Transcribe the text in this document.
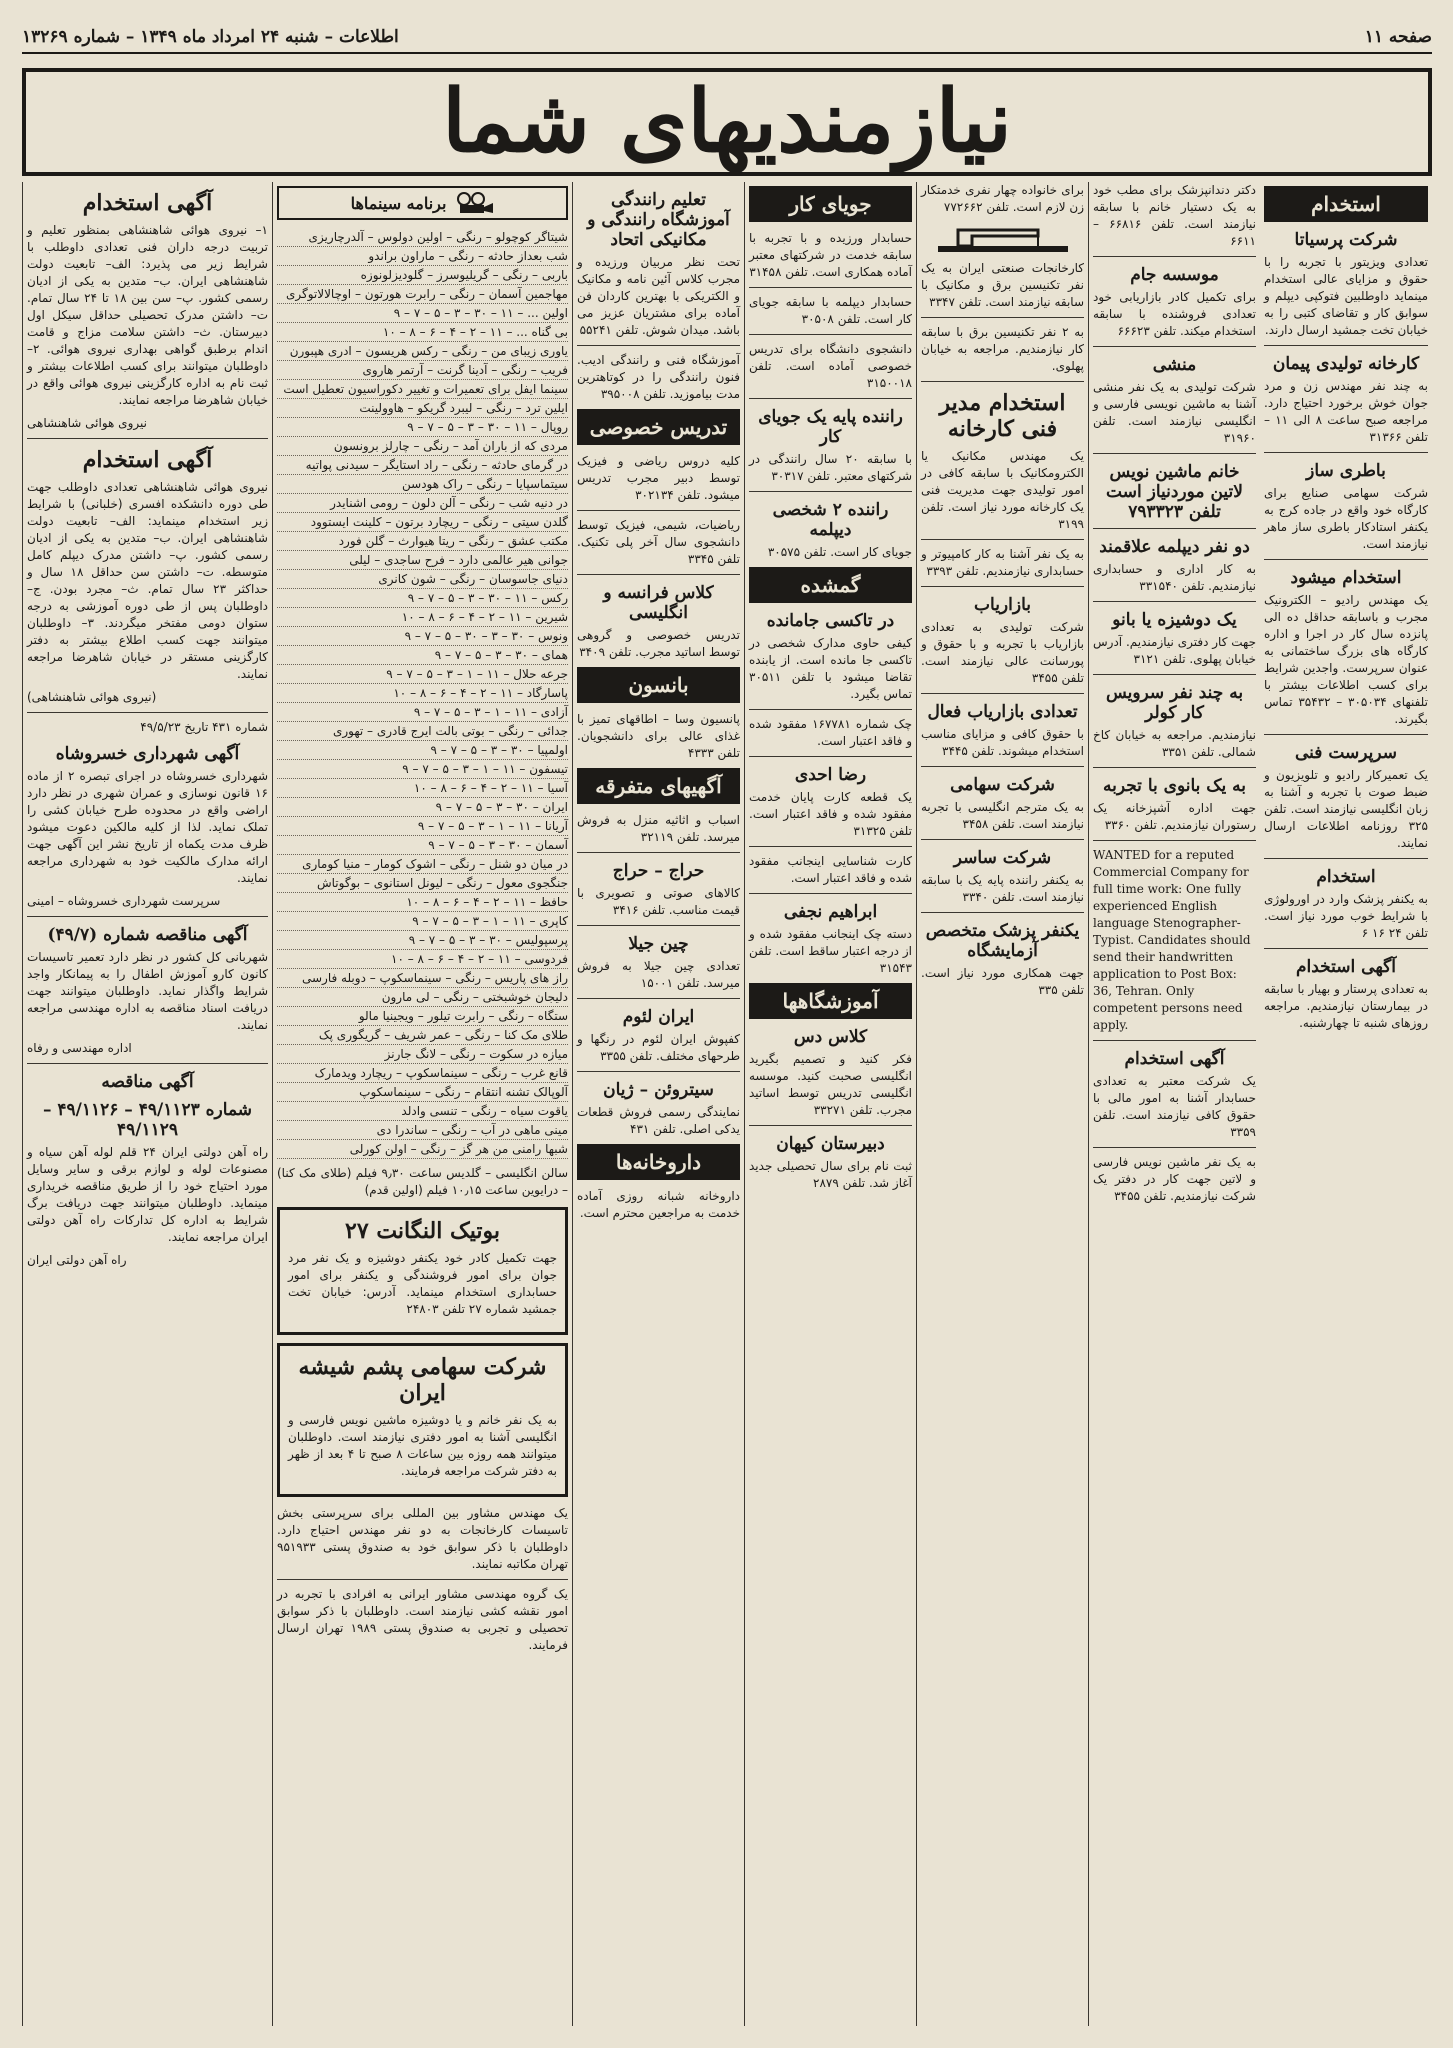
صفحه ۱۱
اطلاعات – شنبه ۲۴ امرداد ماه ۱۳۴۹ – شماره ۱۳۲۶۹
نیازمندیهای شما
استخدام
شرکت پرسیاتا

تعدادی ویزیتور با تجربه را با حقوق و مزایای عالی استخدام مینماید داوطلبین فتوکپی دیپلم و سوابق کار و تقاضای کتبی را به خیابان تخت جمشید ارسال دارند.

کارخانه تولیدی پیمان

به چند نفر مهندس زن و مرد جوان خوش برخورد احتیاج دارد. مراجعه صبح ساعت ۸ الی ۱۱ – تلفن ۳۱۳۶۶

باطری ساز

شرکت سهامی صنایع برای کارگاه خود واقع در جاده کرج به یکنفر استادکار باطری ساز ماهر نیازمند است.

استخدام میشود

یک مهندس رادیو – الکترونیک مجرب و باسابقه حداقل ده الی پانزده سال کار در اجرا و اداره کارگاه های بزرگ ساختمانی به عنوان سرپرست. واجدین شرایط برای کسب اطلاعات بیشتر با تلفنهای ۳۰۵۰۳۴ – ۳۵۴۳۲ تماس بگیرند.

سرپرست فنی

یک تعمیرکار رادیو و تلویزیون و ضبط صوت با تجربه و آشنا به زبان انگلیسی نیازمند است. تلفن ۳۲۵ روزنامه اطلاعات ارسال نمایند.

استخدام

به یکنفر پزشک وارد در اورولوژی با شرایط خوب مورد نیاز است. تلفن ۲۴ ۱۶ ۶

آگهی استخدام

به تعدادی پرستار و بهیار با سابقه در بیمارستان نیازمندیم. مراجعه روزهای شنبه تا چهارشنبه.

دکتر دندانپزشک برای مطب خود به یک دستیار خانم با سابقه نیازمند است. تلفن ۶۶۸۱۶ – ۶۶۱۱

موسسه جام

برای تکمیل کادر بازاریابی خود تعدادی فروشنده با سابقه استخدام میکند. تلفن ۶۶۶۲۳

منشی

شرکت تولیدی به یک نفر منشی آشنا به ماشین نویسی فارسی و انگلیسی نیازمند است. تلفن ۳۱۹۶۰

خانم ماشین نویس لاتین موردنیاز است تلفن ۷۹۳۳۲۳
دو نفر دیپلمه علاقمند

به کار اداری و حسابداری نیازمندیم. تلفن ۳۳۱۵۴۰

یک دوشیزه یا بانو

جهت کار دفتری نیازمندیم. آدرس خیابان پهلوی. تلفن ۳۱۲۱

به چند نفر سرویس کار کولر

نیازمندیم. مراجعه به خیابان کاخ شمالی. تلفن ۳۳۵۱

به یک بانوی با تجربه

جهت اداره آشپزخانه یک رستوران نیازمندیم. تلفن ۳۳۶۰

WANTED for a reputed Commercial Company for full time work: One fully experienced English language Stenographer-Typist. Candidates should send their handwritten application to Post Box: 36, Tehran. Only competent persons need apply.

آگهی استخدام

یک شرکت معتبر به تعدادی حسابدار آشنا به امور مالی با حقوق کافی نیازمند است. تلفن ۳۳۵۹

به یک نفر ماشین نویس فارسی و لاتین جهت کار در دفتر یک شرکت نیازمندیم. تلفن ۳۴۵۵

برای خانواده چهار نفری خدمتکار زن لازم است. تلفن ۷۷۲۶۶۲

کارخانجات صنعتی ایران به یک نفر تکنیسین برق و مکانیک با سابقه نیازمند است. تلفن ۳۳۴۷

به ۲ نفر تکنیسین برق با سابقه کار نیازمندیم. مراجعه به خیابان پهلوی.

استخدام مدیر فنی کارخانه

یک مهندس مکانیک یا الکترومکانیک با سابقه کافی در امور تولیدی جهت مدیریت فنی یک کارخانه مورد نیاز است. تلفن ۳۱۹۹

به یک نفر آشنا به کار کامپیوتر و حسابداری نیازمندیم. تلفن ۳۳۹۳

بازاریاب

شرکت تولیدی به تعدادی بازاریاب با تجربه و با حقوق و پورسانت عالی نیازمند است. تلفن ۳۴۵۵

تعدادی بازاریاب فعال

با حقوق کافی و مزایای مناسب استخدام میشوند. تلفن ۳۴۴۵

شرکت سهامی

به یک مترجم انگلیسی با تجربه نیازمند است. تلفن ۳۴۵۸

شرکت ساسر

به یکنفر راننده پایه یک با سابقه نیازمند است. تلفن ۳۳۴۰

یکنفر پزشک متخصص آزمایشگاه

جهت همکاری مورد نیاز است. تلفن ۳۳۵

جویای کار

حسابدار ورزیده و با تجربه با سابقه خدمت در شرکتهای معتبر آماده همکاری است. تلفن ۳۱۴۵۸

حسابدار دیپلمه با سابقه جویای کار است. تلفن ۳۰۵۰۸

دانشجوی دانشگاه برای تدریس خصوصی آماده است. تلفن ۳۱۵۰۰۱۸

راننده پایه یک جویای کار

با سابقه ۲۰ سال رانندگی در شرکتهای معتبر. تلفن ۳۰۳۱۷

راننده ۲ شخصی دیپلمه

جویای کار است. تلفن ۳۰۵۷۵

گمشده
در تاکسی جامانده

کیفی حاوی مدارک شخصی در تاکسی جا مانده است. از یابنده تقاضا میشود با تلفن ۳۰۵۱۱ تماس بگیرد.

چک شماره ۱۶۷۷۸۱ مفقود شده و فاقد اعتبار است.

رضا احدی

یک قطعه کارت پایان خدمت مفقود شده و فاقد اعتبار است. تلفن ۳۱۳۲۵

کارت شناسایی اینجانب مفقود شده و فاقد اعتبار است.

ابراهیم نجفی

دسته چک اینجانب مفقود شده و از درجه اعتبار ساقط است. تلفن ۳۱۵۴۳

آموزشگاهها
کلاس دس

فکر کنید و تصمیم بگیرید انگلیسی صحبت کنید. موسسه انگلیسی تدریس توسط اساتید مجرب. تلفن ۳۳۲۷۱

دبیرستان کیهان

ثبت نام برای سال تحصیلی جدید آغاز شد. تلفن ۲۸۷۹

تعلیم رانندگی آموزشگاه رانندگی و مکانیکی اتحاد

تحت نظر مربیان ورزیده و مجرب کلاس آئین نامه و مکانیک و الکتریکی با بهترین کاردان فن آماده برای مشتریان عزیز می باشد. میدان شوش. تلفن ۵۵۲۴۱

آموزشگاه فنی و رانندگی ادیب. فنون رانندگی را در کوتاهترین مدت بیاموزید. تلفن ۳۹۵۰۰۸

تدریس خصوصی

کلیه دروس ریاضی و فیزیک توسط دبیر مجرب تدریس میشود. تلفن ۳۰۲۱۳۴

ریاضیات، شیمی، فیزیک توسط دانشجوی سال آخر پلی تکنیک. تلفن ۳۳۴۵

کلاس فرانسه و انگلیسی

تدریس خصوصی و گروهی توسط اساتید مجرب. تلفن ۳۴۰۹

بانسون

پانسیون وسا – اطاقهای تمیز با غذای عالی برای دانشجویان. تلفن ۴۳۳۳

آگهیهای متفرقه

اسباب و اثاثیه منزل به فروش میرسد. تلفن ۳۲۱۱۹

حراج – حراج

کالاهای صوتی و تصویری با قیمت مناسب. تلفن ۳۴۱۶

چین جیلا

تعدادی چین جیلا به فروش میرسد. تلفن ۱۵۰۰۱

ایران لئوم

کفپوش ایران لئوم در رنگها و طرحهای مختلف. تلفن ۳۳۵۵

سیتروئن – ژیان

نمایندگی رسمی فروش قطعات یدکی اصلی. تلفن ۴۳۱

داروخانه‌ها

داروخانه شبانه روزی آماده خدمت به مراجعین محترم است.

برنامه سینماها
شیتاگر کوچولو – رنگی – اولین دولوس – آلدرچاریزی
شب بعداز حادثه – رنگی – ماراون براندو
باربی – رنگی – گریلیوسرز – گلودیزلونوزه
مهاجمین آسمان – رنگی – رابرت هورتون – اوچالالاتوگری
اولین ... – ۱۱ – ۳۰ – ۳ – ۵ – ۷ – ۹
بی گناه ... – ۱۱ – ۲ – ۴ – ۶ – ۸ – ۱۰
یاوری زیبای من – رنگی – رکس هریسون – ادری هپبورن
فریب – رنگی – آدینا گرنت – آرتمر هاروی
سینما ایفل برای تعمیرات و تغییر دکوراسیون تعطیل است
ایلین ترد – رنگی – لیبرد گریکو – هاوولینت
روپال – ۱۱ – ۳۰ – ۳ – ۵ – ۷ – ۹
مردی که از باران آمد – رنگی – چارلز برونسون
در گرمای حادثه – رنگی – راد استایگر – سیدنی پواتیه
سیتماسپایا – رنگی – راک هودسن
در دنیه شب – رنگی – آلن دلون – رومی اشنایدر
گلدن سیتی – رنگی – ریچارد برتون – کلینت ایستوود
مکتب عشق – رنگی – ریتا هیوارث – گلن فورد
جوانی هیر عالمی دارد – فرح ساجدی – لیلی
دنیای جاسوسان – رنگی – شون کانری
رکس – ۱۱ – ۳۰ – ۳ – ۵ – ۷ – ۹
شیرین – ۱۱ – ۲ – ۴ – ۶ – ۸ – ۱۰
ونوس – ۳۰ – ۳ – ۳۰ – ۵ – ۷ – ۹
همای – ۳۰ – ۳ – ۵ – ۷ – ۹
جرعه حلال – ۱۱ – ۱ – ۳ – ۵ – ۷ – ۹
پاسارگاد – ۱۱ – ۲ – ۴ – ۶ – ۸ – ۱۰
آزادی – ۱۱ – ۱ – ۳ – ۵ – ۷ – ۹
جدائی – رنگی – بوتی بالت ایرج قادری – تهوری
اولمپیا – ۳۰ – ۳ – ۵ – ۷ – ۹
تیسفون – ۱۱ – ۱ – ۳ – ۵ – ۷ – ۹
آسیا – ۱۱ – ۲ – ۴ – ۶ – ۸ – ۱۰
ایران – ۳۰ – ۳ – ۵ – ۷ – ۹
آریانا – ۱۱ – ۱ – ۳ – ۵ – ۷ – ۹
آسمان – ۳۰ – ۳ – ۵ – ۷ – ۹
در میان دو شنل – رنگی – اشوک کومار – منیا کوماری
جنگجوی معول – رنگی – لیونل استانوی – بوگوتاش
حافظ – ۱۱ – ۲ – ۴ – ۶ – ۸ – ۱۰
کاپری – ۱۱ – ۱ – ۳ – ۵ – ۷ – ۹
پرسپولیس – ۳۰ – ۳ – ۵ – ۷ – ۹
فردوسی – ۱۱ – ۲ – ۴ – ۶ – ۸ – ۱۰
راز های پاریس – رنگی – سینماسکوپ – دوبله فارسی
دلیجان خوشبختی – رنگی – لی مارون
ستگاه – رنگی – رابرت تیلور – ویجینیا مالو
طلای مک کنا – رنگی – عمر شریف – گریگوری پک
میازه در سکوت – رنگی – لانگ جارنز
قانع غرب – رنگی – سینماسکوپ – ریچارد ویدمارک
آلوپالک تشنه انتقام – رنگی – سینماسکوپ
یاقوت سیاه – رنگی – تنسی وادلد
مینی ماهی در آب – رنگی – ساندرا دی
شبها رامنی من هر گز – رنگی – اولن کورلی

سالن انگلیسی – گلدیس ساعت ۹٫۳۰ فیلم (طلای مک کنا) – درایوین ساعت ۱۰٫۱۵ فیلم (اولین قدم)

بوتیک النگانت ۲۷

جهت تکمیل کادر خود یکنفر دوشیزه و یک نفر مرد جوان برای امور فروشندگی و یکنفر برای امور حسابداری استخدام مینماید. آدرس: خیابان تخت جمشید شماره ۲۷ تلفن ۲۴۸۰۳

شرکت سهامی پشم شیشه ایران

به یک نفر خانم و یا دوشیزه ماشین نویس فارسی و انگلیسی آشنا به امور دفتری نیازمند است. داوطلبان میتوانند همه روزه بین ساعات ۸ صبح تا ۴ بعد از ظهر به دفتر شرکت مراجعه فرمایند.

یک مهندس مشاور بین المللی برای سرپرستی بخش تاسیسات کارخانجات به دو نفر مهندس احتیاج دارد. داوطلبان با ذکر سوابق خود به صندوق پستی ۹۵۱۹۳۳ تهران مکاتبه نمایند.

یک گروه مهندسی مشاور ایرانی به افرادی با تجربه در امور نقشه کشی نیازمند است. داوطلبان با ذکر سوابق تحصیلی و تجربی به صندوق پستی ۱۹۸۹ تهران ارسال فرمایند.

آگهی استخدام

۱– نیروی هوائی شاهنشاهی بمنظور تعلیم و تربیت درجه داران فنی تعدادی داوطلب با شرایط زیر می پذیرد: الف– تابعیت دولت شاهنشاهی ایران. ب– متدین به یکی از ادیان رسمی کشور. پ– سن بین ۱۸ تا ۲۴ سال تمام. ت– داشتن مدرک تحصیلی حداقل سیکل اول دبیرستان. ث– داشتن سلامت مزاج و قامت اندام برطبق گواهی بهداری نیروی هوائی. ۲– داوطلبان میتوانند برای کسب اطلاعات بیشتر و ثبت نام به اداره کارگزینی نیروی هوائی واقع در خیابان شاهرضا مراجعه نمایند.

نیروی هوائی شاهنشاهی

آگهی استخدام

نیروی هوائی شاهنشاهی تعدادی داوطلب جهت طی دوره دانشکده افسری (خلبانی) با شرایط زیر استخدام مینماید: الف– تابعیت دولت شاهنشاهی ایران. ب– متدین به یکی از ادیان رسمی کشور. پ– داشتن مدرک دیپلم کامل متوسطه. ت– داشتن سن حداقل ۱۸ سال و حداکثر ۲۳ سال تمام. ث– مجرد بودن. ج– داوطلبان پس از طی دوره آموزشی به درجه ستوان دومی مفتخر میگردند. ۳– داوطلبان میتوانند جهت کسب اطلاع بیشتر به دفتر کارگزینی مستقر در خیابان شاهرضا مراجعه نمایند.

(نیروی هوائی شاهنشاهی)

شماره ۴۳۱ تاریخ ۴۹/۵/۲۳

آگهی شهرداری خسروشاه

شهرداری خسروشاه در اجرای تبصره ۲ از ماده ۱۶ قانون نوسازی و عمران شهری در نظر دارد اراضی واقع در محدوده طرح خیابان کشی را تملک نماید. لذا از کلیه مالکین دعوت میشود ظرف مدت یکماه از تاریخ نشر این آگهی جهت ارائه مدارک مالکیت خود به شهرداری مراجعه نمایند.

سرپرست شهرداری خسروشاه – امینی

آگهی مناقصه شماره (۴۹/۷)

شهربانی کل کشور در نظر دارد تعمیر تاسیسات کانون کارو آموزش اطفال را به پیمانکار واجد شرایط واگذار نماید. داوطلبان میتوانند جهت دریافت اسناد مناقصه به اداره مهندسی مراجعه نمایند.

اداره مهندسی و رفاه

آگهی مناقصه
شماره ۴۹/۱۱۲۳ – ۴۹/۱۱۲۶ – ۴۹/۱۱۲۹

راه آهن دولتی ایران ۲۴ قلم لوله آهن سیاه و مصنوعات لوله و لوازم برقی و سایر وسایل مورد احتیاج خود را از طریق مناقصه خریداری مینماید. داوطلبان میتوانند جهت دریافت برگ شرایط به اداره کل تدارکات راه آهن دولتی ایران مراجعه نمایند.

راه آهن دولتی ایران
